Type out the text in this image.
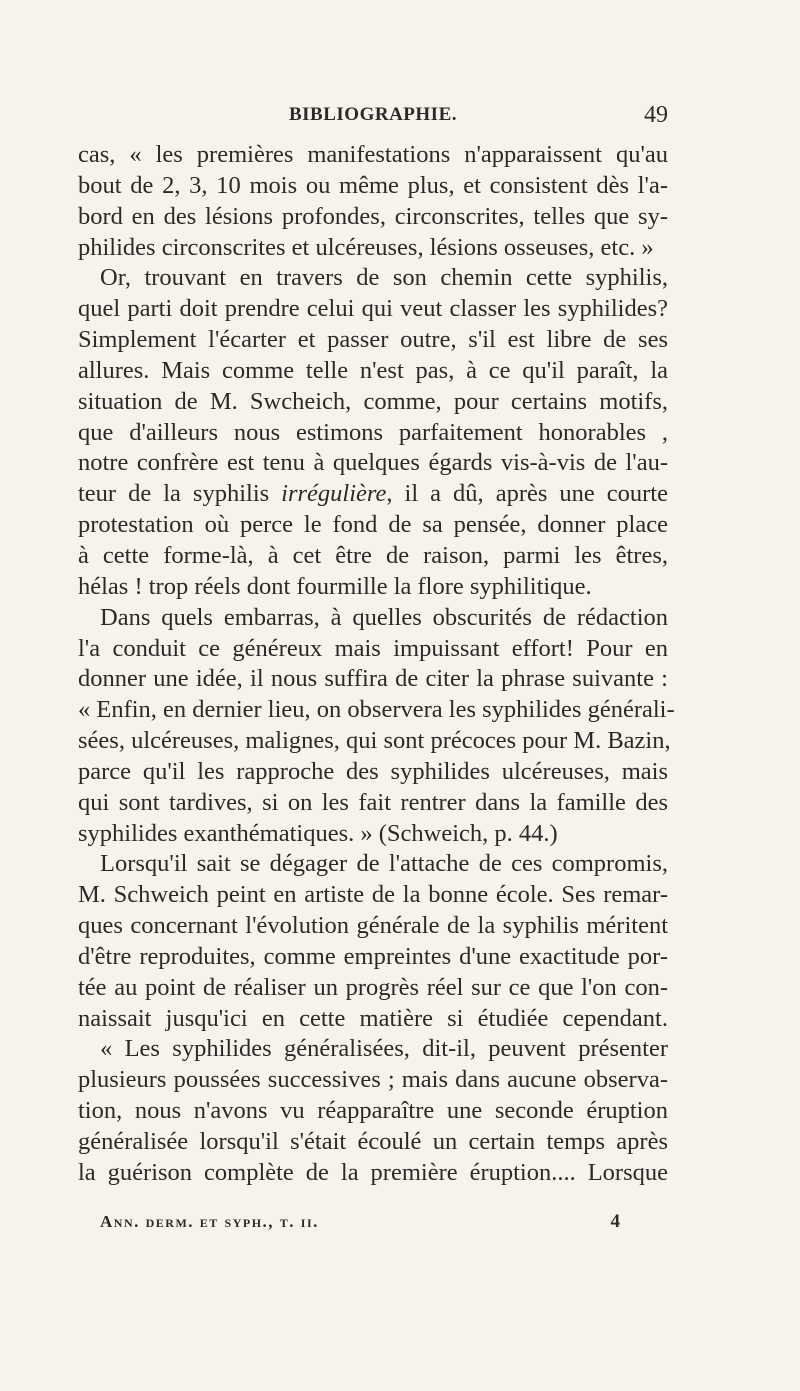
BIBLIOGRAPHIE.	49
cas, « les premières manifestations n'apparaissent qu'au
bout de 2, 3, 10 mois ou même plus, et consistent dès l'a-
bord en des lésions profondes, circonscrites, telles que sy-
philides circonscrites et ulcéreuses, lésions osseuses, etc. »
Or, trouvant en travers de son chemin cette syphilis,
quel parti doit prendre celui qui veut classer les syphilides?
Simplement l'écarter et passer outre, s'il est libre de ses
allures. Mais comme telle n'est pas, à ce qu'il paraît, la
situation de M. Swcheich, comme, pour certains motifs,
que d'ailleurs nous estimons parfaitement honorables ,
notre confrère est tenu à quelques égards vis-à-vis de l'au-
teur de la syphilis irrégulière, il a dû, après une courte
protestation où perce le fond de sa pensée, donner place
à cette forme-là, à cet être de raison, parmi les êtres,
hélas ! trop réels dont fourmille la flore syphilitique.
Dans quels embarras, à quelles obscurités de rédaction
l'a conduit ce généreux mais impuissant effort! Pour en
donner une idée, il nous suffira de citer la phrase suivante :
« Enfin, en dernier lieu, on observera les syphilides générali-
sées, ulcéreuses, malignes, qui sont précoces pour M. Bazin,
parce qu'il les rapproche des syphilides ulcéreuses, mais
qui sont tardives, si on les fait rentrer dans la famille des
syphilides exanthématiques. » (Schweich, p. 44.)
Lorsqu'il sait se dégager de l'attache de ces compromis,
M. Schweich peint en artiste de la bonne école. Ses remar-
ques concernant l'évolution générale de la syphilis méritent
d'être reproduites, comme empreintes d'une exactitude por-
tée au point de réaliser un progrès réel sur ce que l'on con-
naissait jusqu'ici en cette matière si étudiée cependant.
« Les syphilides généralisées, dit-il, peuvent présenter
plusieurs poussées successives ; mais dans aucune observa-
tion, nous n'avons vu réapparaître une seconde éruption
généralisée lorsqu'il s'était écoulé un certain temps après
la guérison complète de la première éruption.... Lorsque
Ann. derm. et syph., t. ii.	4
